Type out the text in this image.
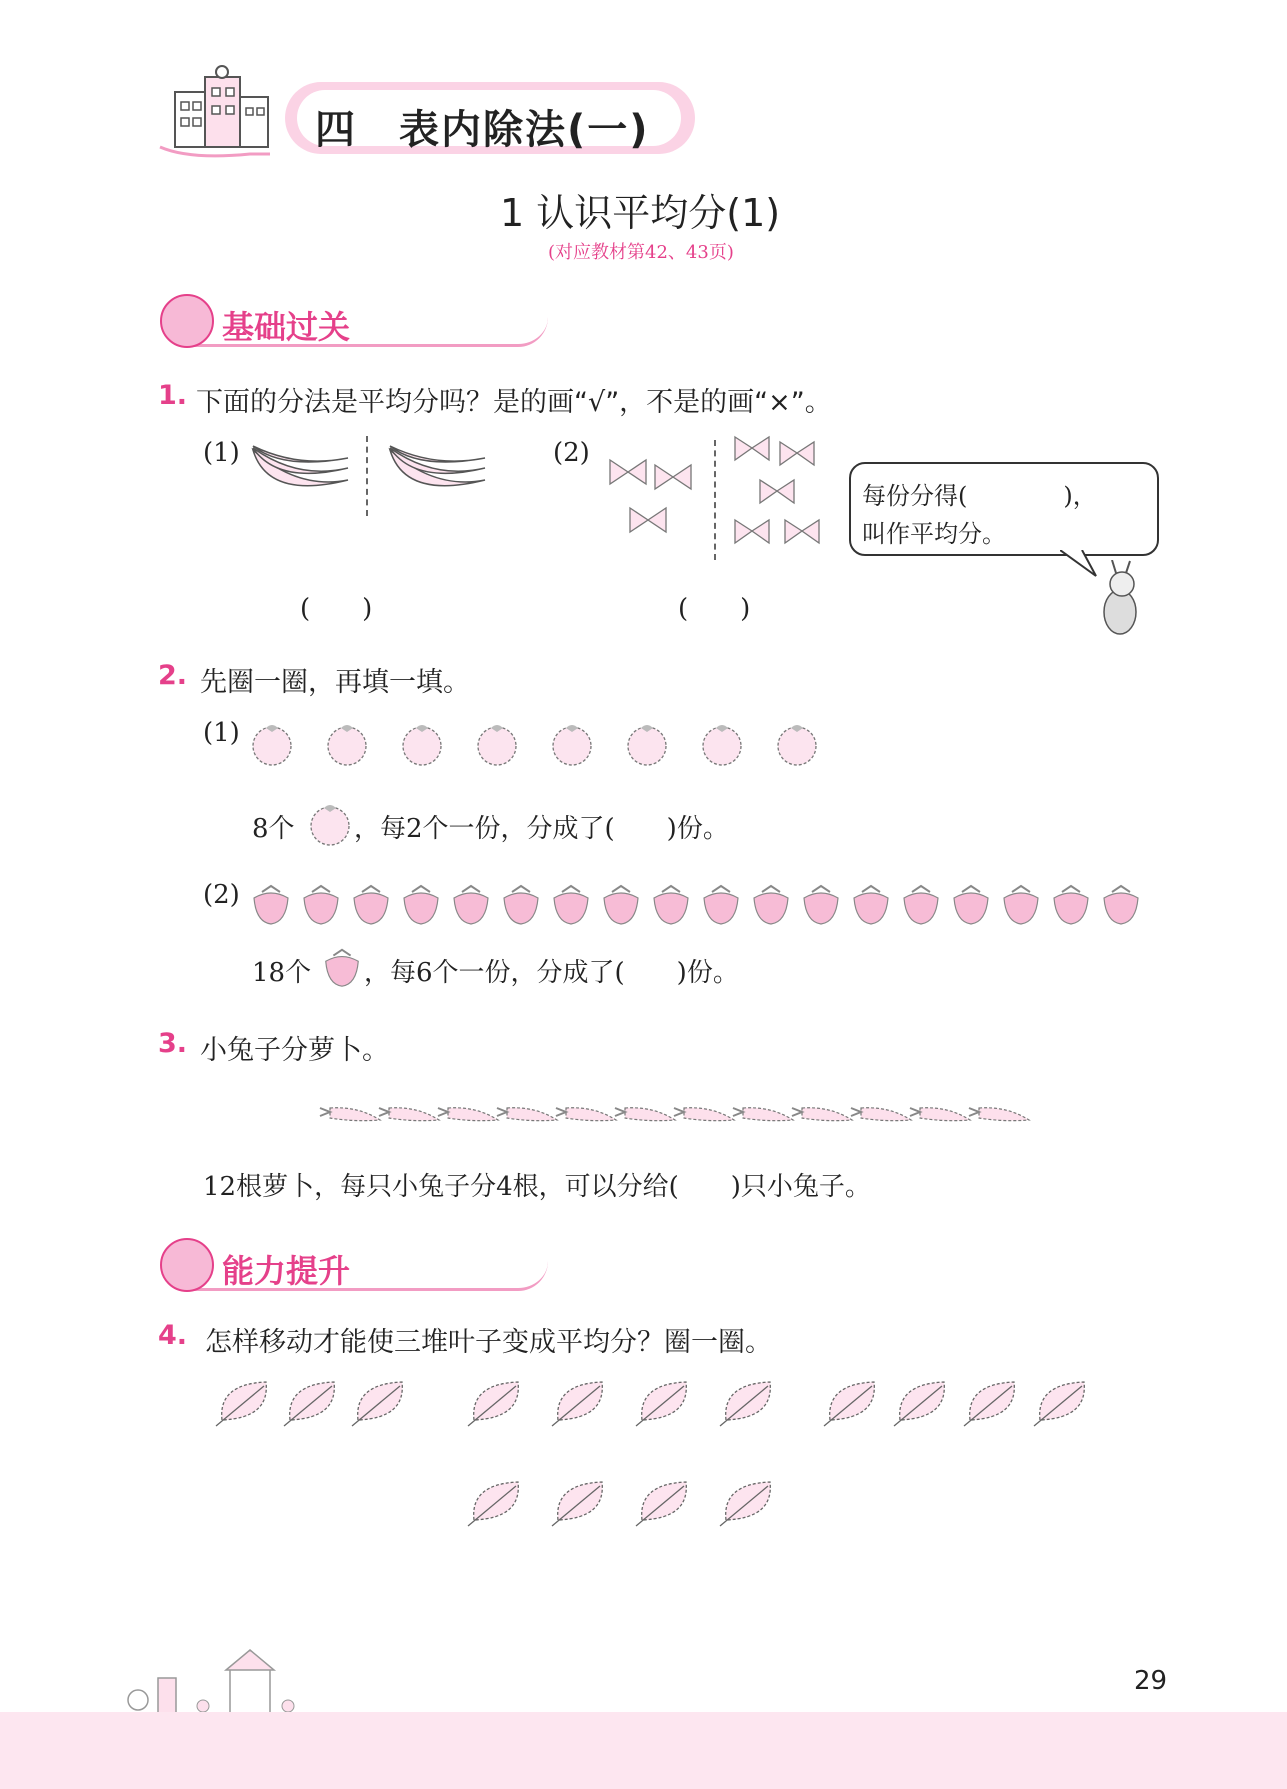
四　表内除法(一)
1 认识平均分(1)
(对应教材第42、43页)
基础过关
1. 下面的分法是平均分吗？是的画“√”，不是的画“×”。
(1)
(　　)
(2)
(　　)
每份分得(　　　　)，
叫作平均分。
2. 先圈一圈，再填一填。
(1)
8个 ，每2个一份，分成了(　　)份。
(2)
18个 ，每6个一份，分成了(　　)份。
3. 小兔子分萝卜。
12根萝卜，每只小兔子分4根，可以分给(　　)只小兔子。
能力提升
4. 怎样移动才能使三堆叶子变成平均分？圈一圈。
29
